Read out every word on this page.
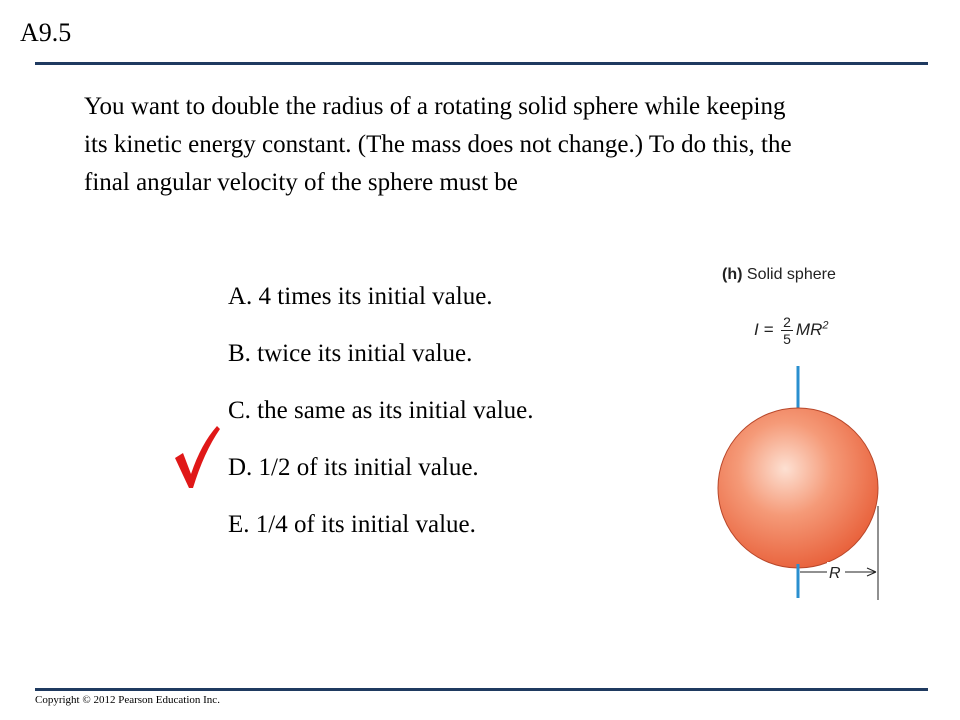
A9.5
You want to double the radius of a rotating solid sphere while keeping its kinetic energy constant. (The mass does not change.) To do this, the final angular velocity of the sphere must be
A. 4 times its initial value.
B. twice its initial value.
C. the same as its initial value.
D. 1/2 of its initial value.
E. 1/4 of its initial value.
R
(h) Solid sphere
$I = \frac{2}{5} MR^2$
Copyright © 2012 Pearson Education Inc.
